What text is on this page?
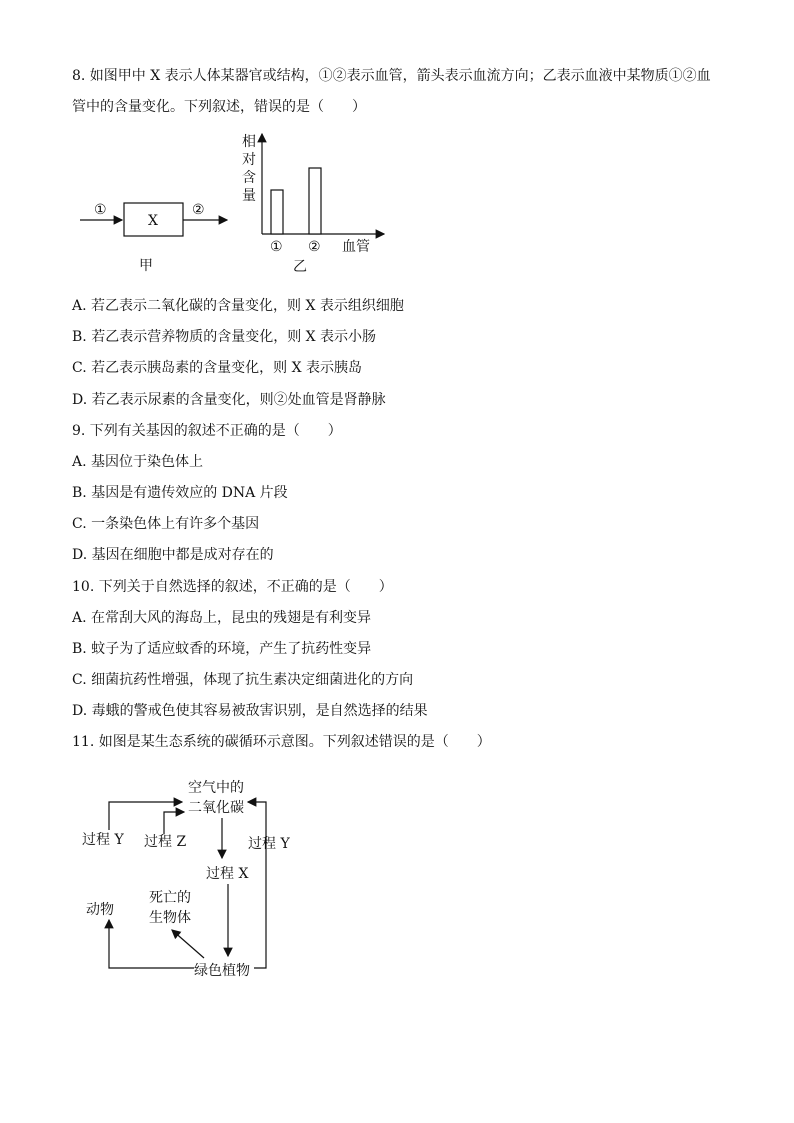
8. 如图甲中 X 表示人体某器官或结构，①②表示血管，箭头表示血流方向；乙表示血液中某物质①②血
管中的含量变化。下列叙述，错误的是（　　）
①
X
②
甲
相
对
含
量
① ② 血管
乙
A. 若乙表示二氧化碳的含量变化，则 X 表示组织细胞
B. 若乙表示营养物质的含量变化，则 X 表示小肠
C. 若乙表示胰岛素的含量变化，则 X 表示胰岛
D. 若乙表示尿素的含量变化，则②处血管是肾静脉
9. 下列有关基因的叙述不正确的是（　　）
A. 基因位于染色体上
B. 基因是有遗传效应的 DNA 片段
C. 一条染色体上有许多个基因
D. 基因在细胞中都是成对存在的
10. 下列关于自然选择的叙述，不正确的是（　　）
A. 在常刮大风的海岛上，昆虫的残翅是有利变异
B. 蚊子为了适应蚊香的环境，产生了抗药性变异
C. 细菌抗药性增强，体现了抗生素决定细菌进化的方向
D. 毒蛾的警戒色使其容易被敌害识别，是自然选择的结果
11. 如图是某生态系统的碳循环示意图。下列叙述错误的是（　　）
空气中的
二氧化碳
过程 Y 过程 Z	过程 Y
过程 X
动物
死亡的
生物体
绿色植物
